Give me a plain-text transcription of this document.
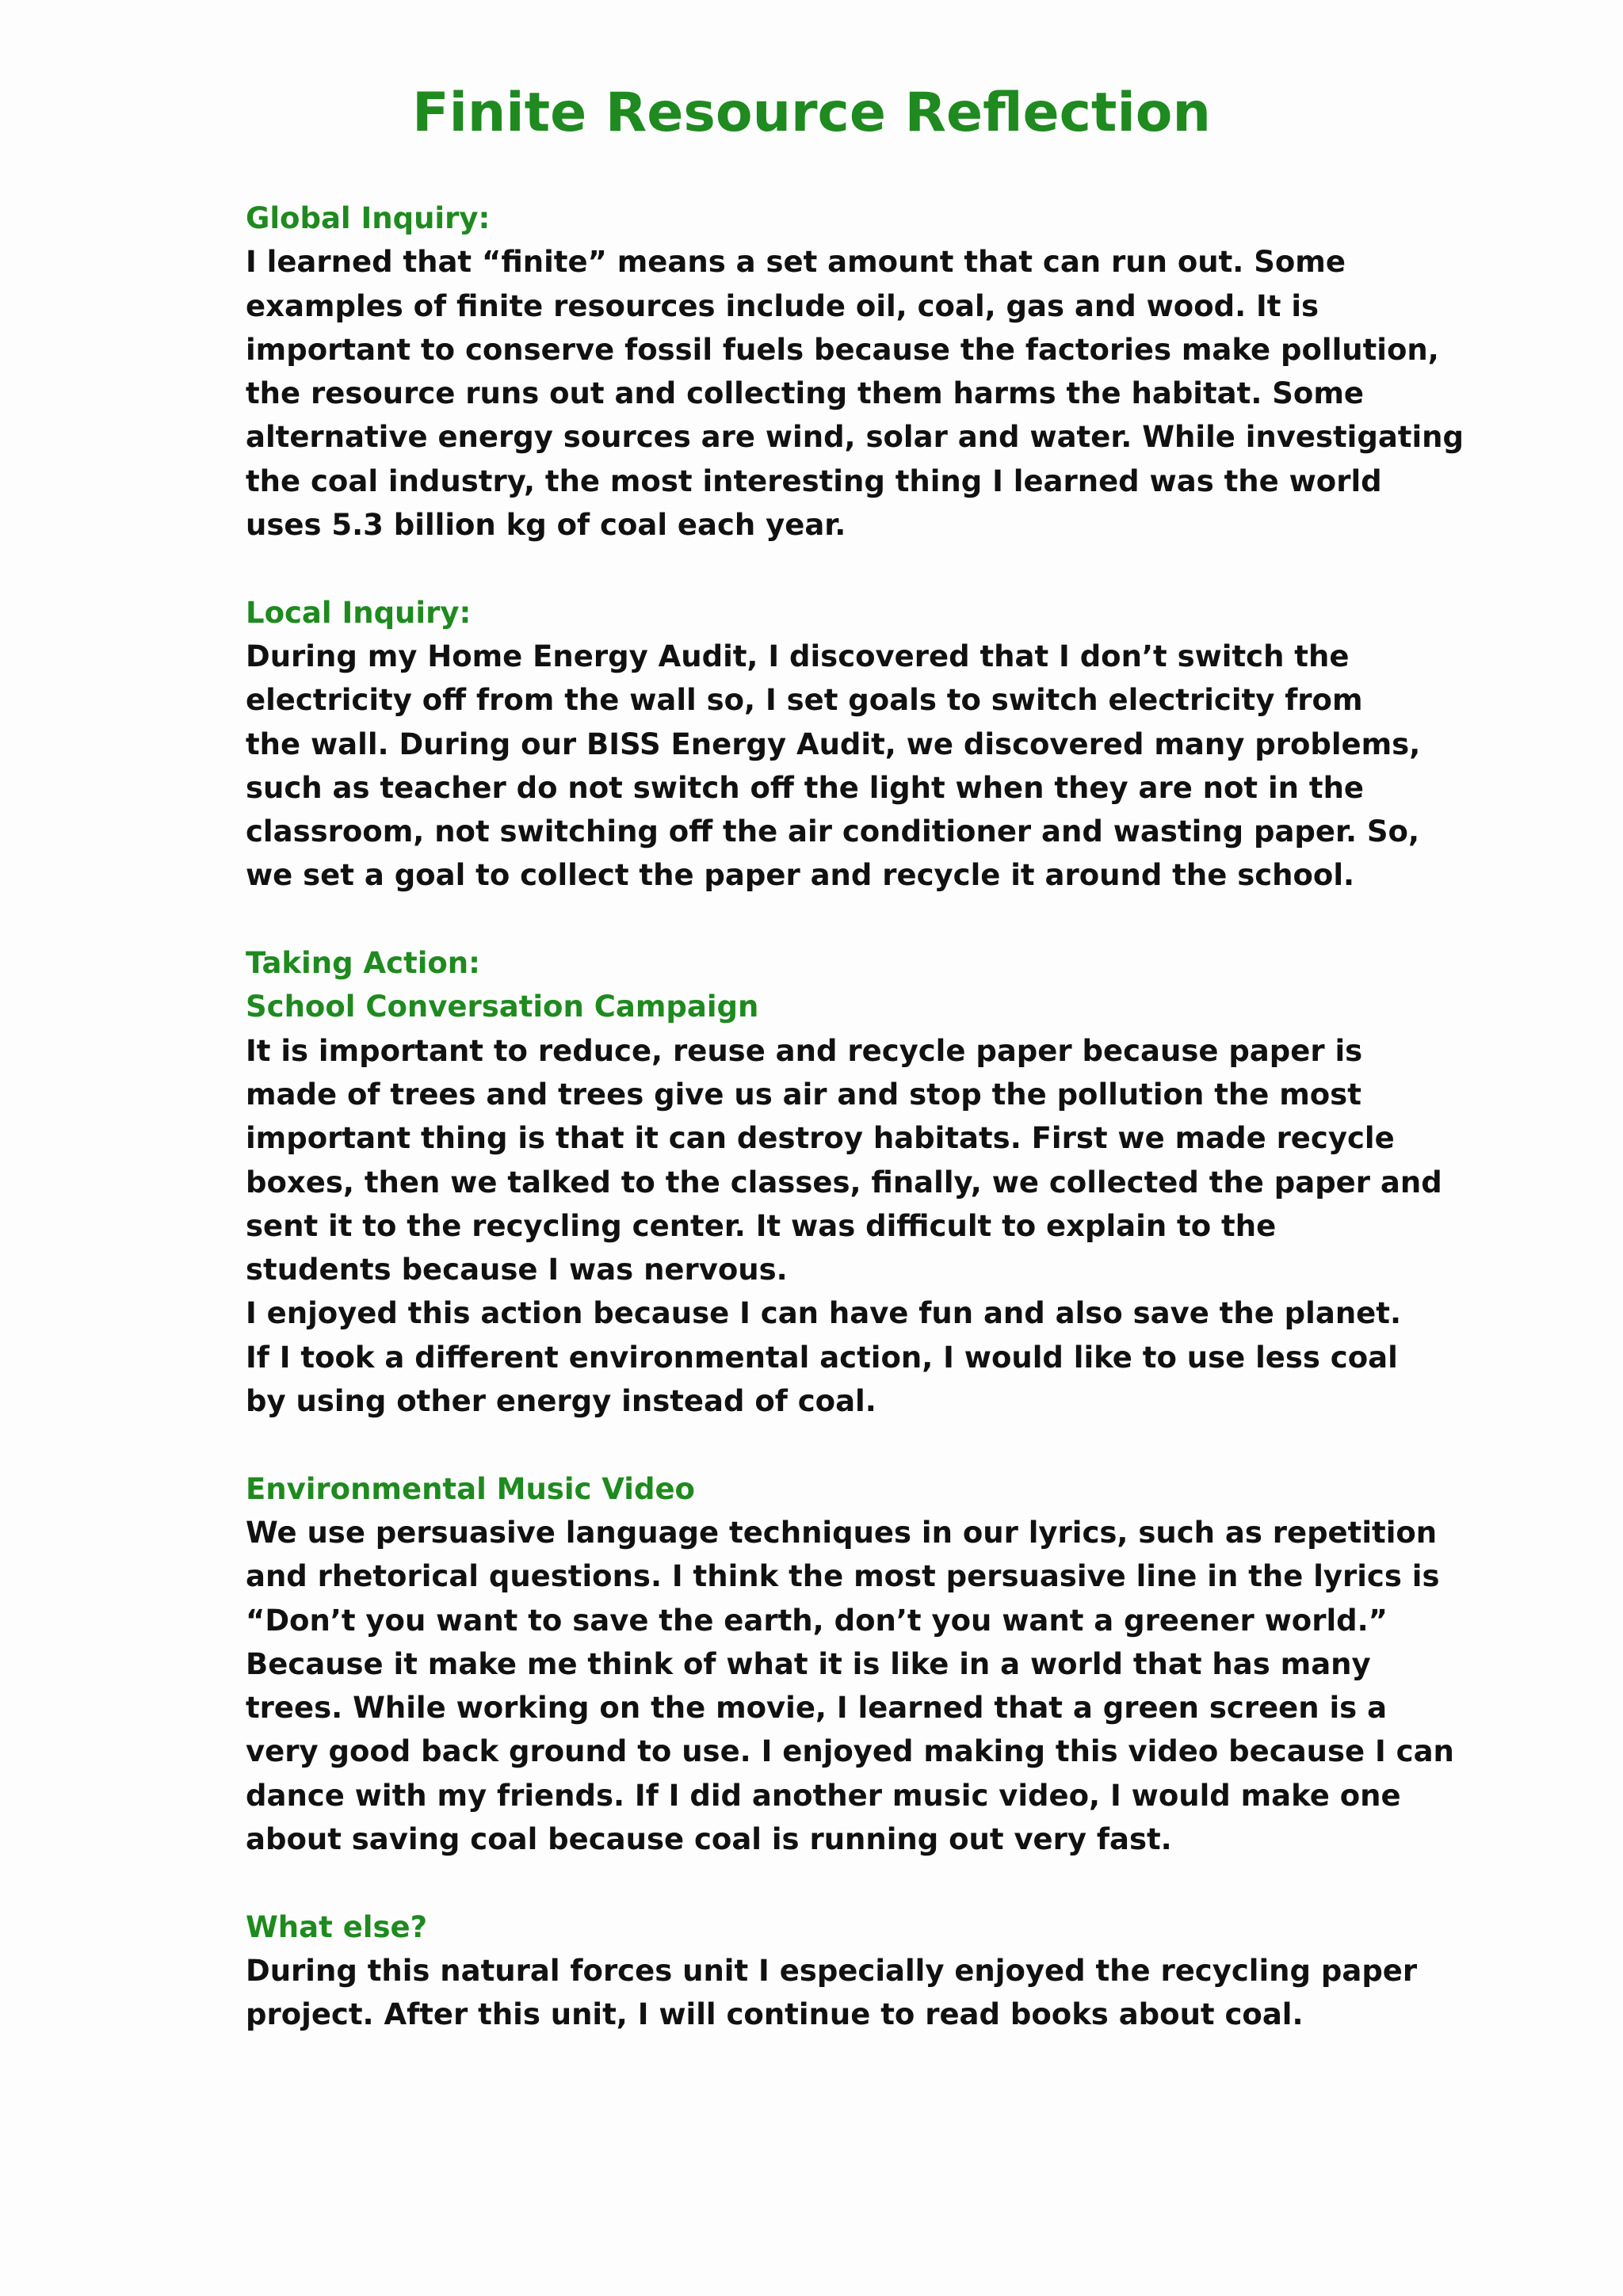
Finite Resource Reflection
Global Inquiry:
I learned that “finite” means a set amount that can run out. Some
examples of finite resources include oil, coal, gas and wood. It is
important to conserve fossil fuels because the factories make pollution,
the resource runs out and collecting them harms the habitat. Some
alternative energy sources are wind, solar and water. While investigating
the coal industry, the most interesting thing I learned was the world
uses 5.3 billion kg of coal each year.
Local Inquiry:
During my Home Energy Audit, I discovered that I don’t switch the
electricity off from the wall so, I set goals to switch electricity from
the wall. During our BISS Energy Audit, we discovered many problems,
such as teacher do not switch off the light when they are not in the
classroom, not switching off the air conditioner and wasting paper. So,
we set a goal to collect the paper and recycle it around the school.
Taking Action:
School Conversation Campaign
It is important to reduce, reuse and recycle paper because paper is
made of trees and trees give us air and stop the pollution the most
important thing is that it can destroy habitats. First we made recycle
boxes, then we talked to the classes, finally, we collected the paper and
sent it to the recycling center. It was difficult to explain to the
students because I was nervous.
I enjoyed this action because I can have fun and also save the planet.
If I took a different environmental action, I would like to use less coal
by using other energy instead of coal.
Environmental Music Video
We use persuasive language techniques in our lyrics, such as repetition
and rhetorical questions. I think the most persuasive line in the lyrics is
“Don’t you want to save the earth, don’t you want a greener world.”
Because it make me think of what it is like in a world that has many
trees. While working on the movie, I learned that a green screen is a
very good back ground to use. I enjoyed making this video because I can
dance with my friends. If I did another music video, I would make one
about saving coal because coal is running out very fast.
What else?
During this natural forces unit I especially enjoyed the recycling paper
project. After this unit, I will continue to read books about coal.
